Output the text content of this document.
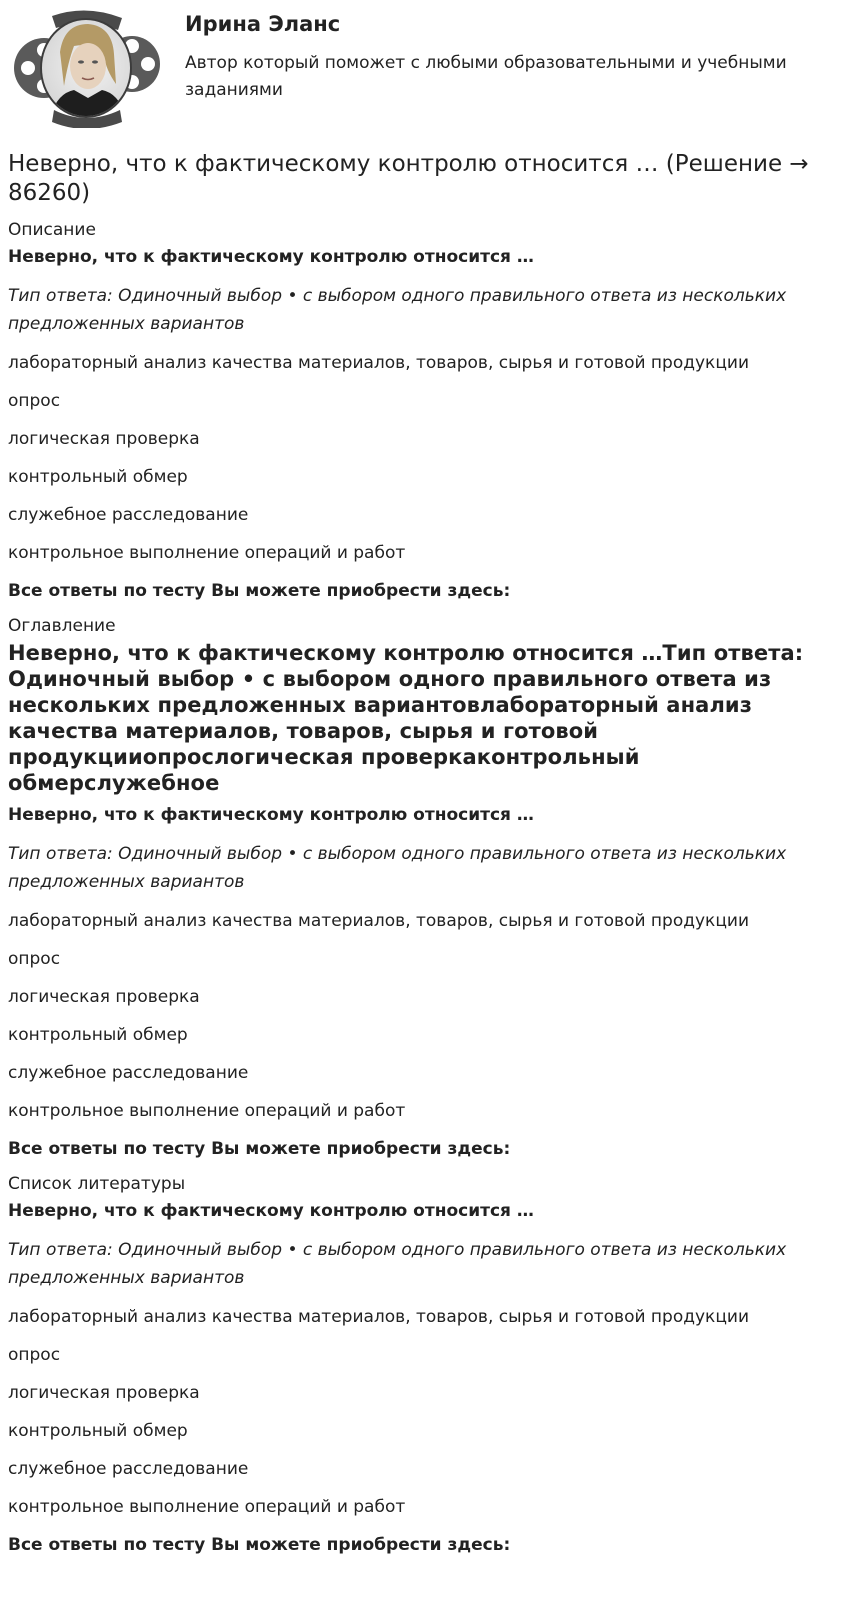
Ирина Эланс

Автор который поможет с любыми образовательными и учебными заданиями

Неверно, что к фактическому контролю относится … (Решение → 86260)

Описание

Неверно, что к фактическому контролю относится …

Тип ответа: Одиночный выбор • с выбором одного правильного ответа из нескольких предложенных вариантов

лабораторный анализ качества материалов, товаров, сырья и готовой продукции

опрос

логическая проверка

контрольный обмер

служебное расследование

контрольное выполнение операций и работ

Все ответы по тесту Вы можете приобрести здесь:

Оглавление

Неверно, что к фактическому контролю относится …Тип ответа: Одиночный выбор • с выбором одного правильного ответа из нескольких предложенных вариантовлабораторный анализ качества материалов, товаров, сырья и готовой продукцииопрослогическая проверкаконтрольный обмерслужебное

Неверно, что к фактическому контролю относится …

Тип ответа: Одиночный выбор • с выбором одного правильного ответа из нескольких предложенных вариантов

лабораторный анализ качества материалов, товаров, сырья и готовой продукции

опрос

логическая проверка

контрольный обмер

служебное расследование

контрольное выполнение операций и работ

Все ответы по тесту Вы можете приобрести здесь:

Список литературы

Неверно, что к фактическому контролю относится …

Тип ответа: Одиночный выбор • с выбором одного правильного ответа из нескольких предложенных вариантов

лабораторный анализ качества материалов, товаров, сырья и готовой продукции

опрос

логическая проверка

контрольный обмер

служебное расследование

контрольное выполнение операций и работ

Все ответы по тесту Вы можете приобрести здесь:
